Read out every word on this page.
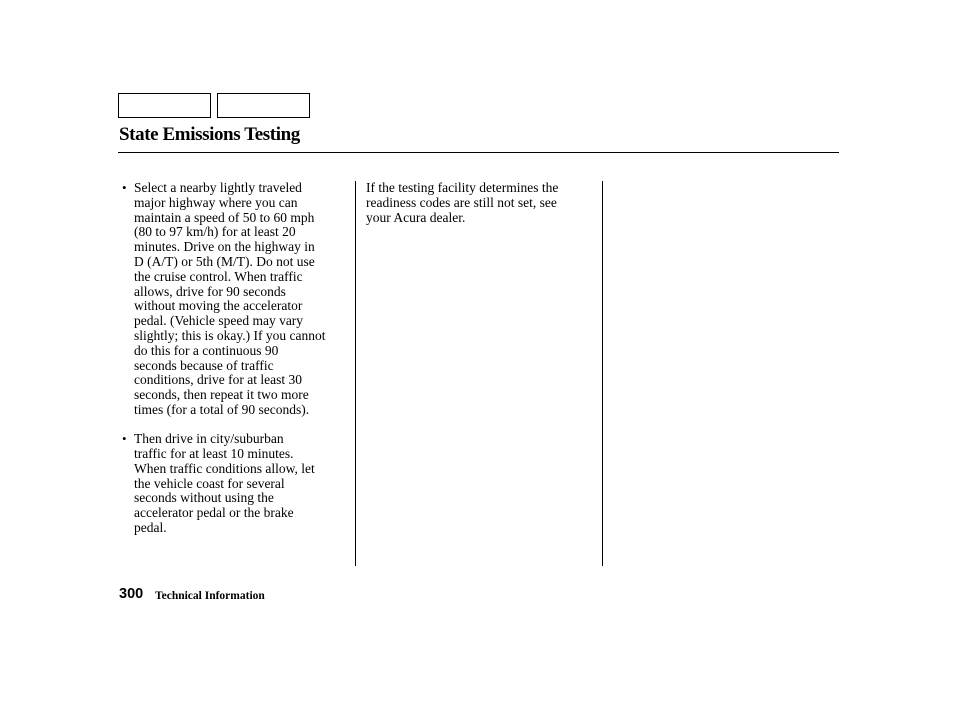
State Emissions Testing
• Select a nearby lightly traveled
major highway where you can
maintain a speed of 50 to 60 mph
(80 to 97 km/h) for at least 20
minutes. Drive on the highway in
D (A/T) or 5th (M/T). Do not use
the cruise control. When traffic
allows, drive for 90 seconds
without moving the accelerator
pedal. (Vehicle speed may vary
slightly; this is okay.) If you cannot
do this for a continuous 90
seconds because of traffic
conditions, drive for at least 30
seconds, then repeat it two more
times (for a total of 90 seconds).
• Then drive in city/suburban
traffic for at least 10 minutes.
When traffic conditions allow, let
the vehicle coast for several
seconds without using the
accelerator pedal or the brake
pedal.

If the testing facility determines the
readiness codes are still not set, see
your Acura dealer.

300 Technical Information
